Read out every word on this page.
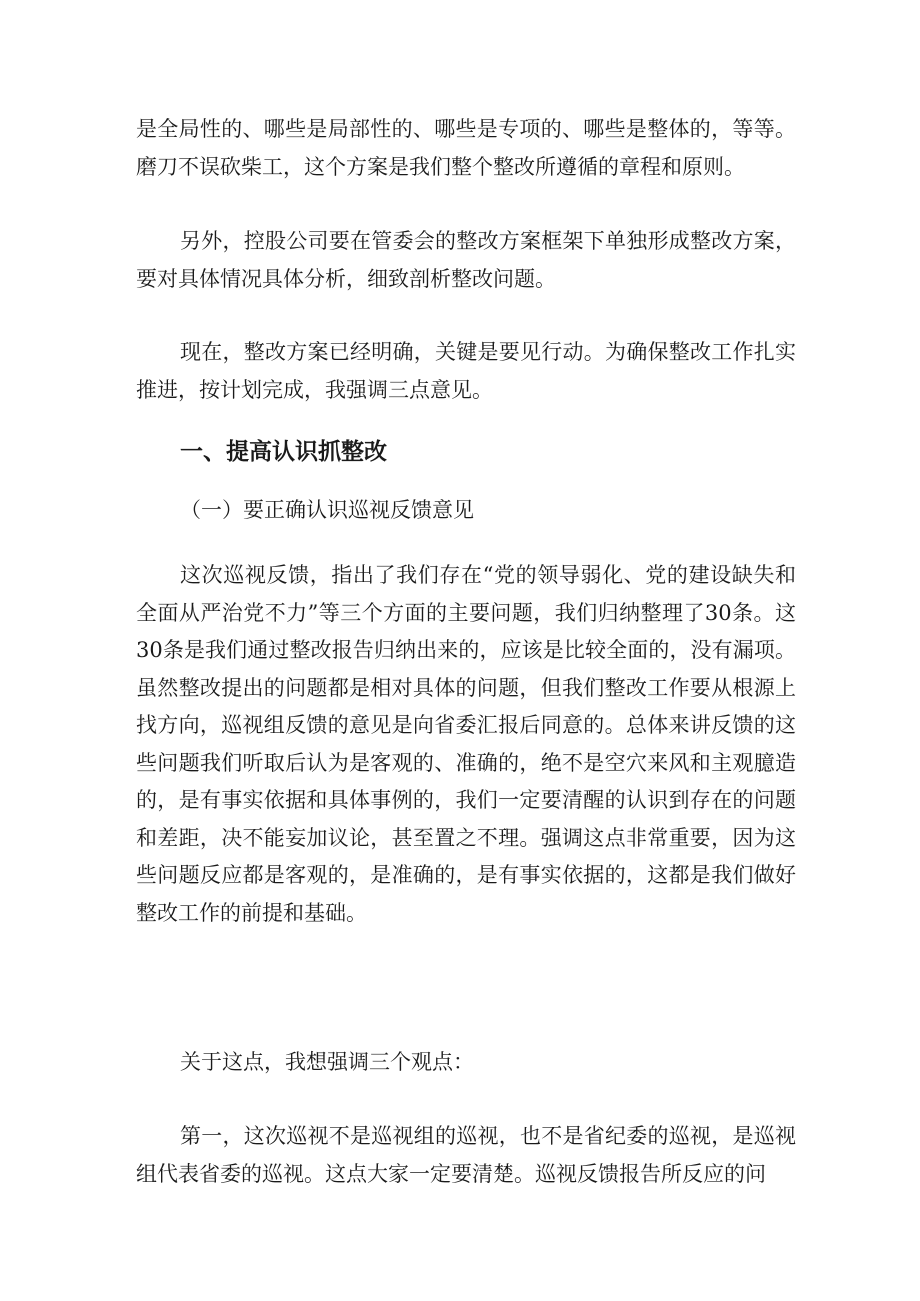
是全局性的、哪些是局部性的、哪些是专项的、哪些是整体的，等等。磨刀不误砍柴工，这个方案是我们整个整改所遵循的章程和原则。

另外，控股公司要在管委会的整改方案框架下单独形成整改方案，要对具体情况具体分析，细致剖析整改问题。

现在，整改方案已经明确，关键是要见行动。为确保整改工作扎实推进，按计划完成，我强调三点意见。

一、提高认识抓整改

（一）要正确认识巡视反馈意见

这次巡视反馈，指出了我们存在“党的领导弱化、党的建设缺失和全面从严治党不力”等三个方面的主要问题，我们归纳整理了30条。这30条是我们通过整改报告归纳出来的，应该是比较全面的，没有漏项。虽然整改提出的问题都是相对具体的问题，但我们整改工作要从根源上找方向，巡视组反馈的意见是向省委汇报后同意的。总体来讲反馈的这些问题我们听取后认为是客观的、准确的，绝不是空穴来风和主观臆造的，是有事实依据和具体事例的，我们一定要清醒的认识到存在的问题和差距，决不能妄加议论，甚至置之不理。强调这点非常重要，因为这些问题反应都是客观的，是准确的，是有事实依据的，这都是我们做好整改工作的前提和基础。

关于这点，我想强调三个观点：

第一，这次巡视不是巡视组的巡视，也不是省纪委的巡视，是巡视组代表省委的巡视。这点大家一定要清楚。巡视反馈报告所反应的问
